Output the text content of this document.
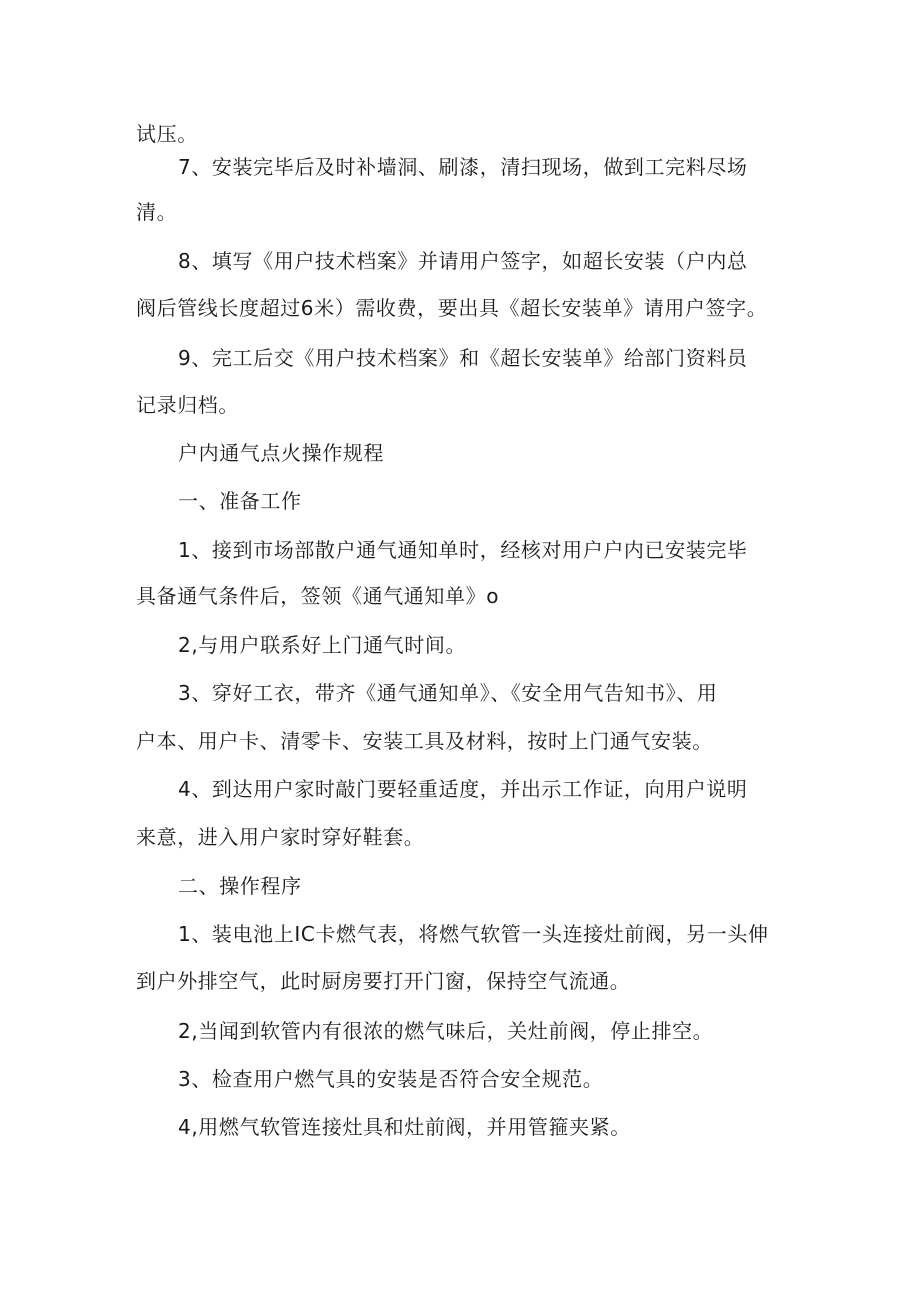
试压。
7、安装完毕后及时补墙洞、刷漆，清扫现场，做到工完料尽场
清。
8、填写《用户技术档案》并请用户签字，如超长安装（户内总
阀后管线长度超过6米）需收费，要出具《超长安装单》请用户签字。
9、完工后交《用户技术档案》和《超长安装单》给部门资料员
记录归档。
户内通气点火操作规程
一、准备工作
1、接到市场部散户通气通知单时，经核对用户户内已安装完毕
具备通气条件后，签领《通气通知单》o
2,与用户联系好上门通气时间。
3、穿好工衣，带齐《通气通知单》、《安全用气告知书》、用
户本、用户卡、清零卡、安装工具及材料，按时上门通气安装。
4、到达用户家时敲门要轻重适度，并出示工作证，向用户说明
来意，进入用户家时穿好鞋套。
二、操作程序
1、装电池上IC卡燃气表，将燃气软管一头连接灶前阀，另一头伸
到户外排空气，此时厨房要打开门窗，保持空气流通。
2,当闻到软管内有很浓的燃气味后，关灶前阀，停止排空。
3、检查用户燃气具的安装是否符合安全规范。
4,用燃气软管连接灶具和灶前阀，并用管箍夹紧。
